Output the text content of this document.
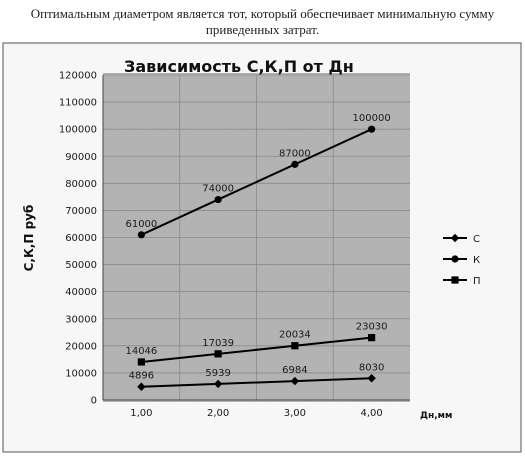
Оптимальным диаметром является тот, который обеспечивает минимальную сумму приведенных затрат.
0
10000
20000
30000
40000
50000
60000
70000
80000
90000
100000
110000
120000
1,00	2,00	3,00	4,00
4896	5939	6984	8030
61000
74000
87000
100000
14046
17039
20034
23030
С
К
П
Зависимость С,К,П от Дн
С,К,П руб
Дн,мм
